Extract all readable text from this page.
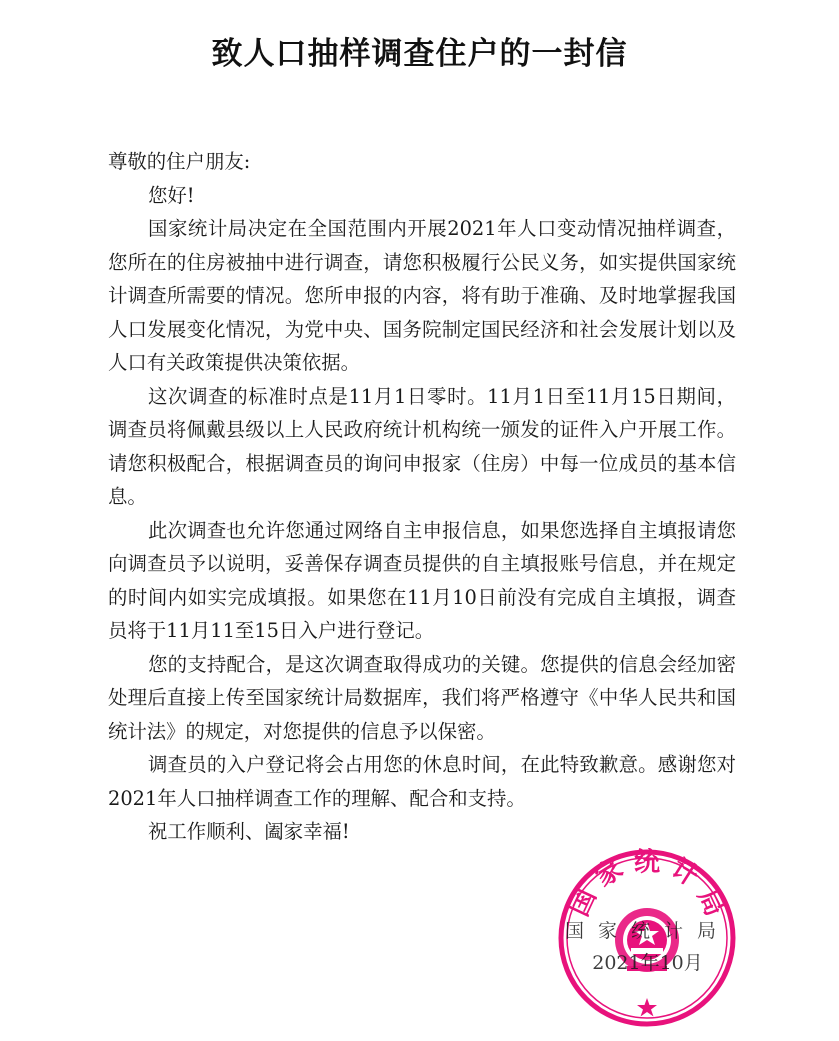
致人口抽样调查住户的一封信

尊敬的住户朋友:

您好!

国家统计局决定在全国范围内开展2021年人口变动情况抽样调查，您所在的住房被抽中进行调查，请您积极履行公民义务，如实提供国家统计调查所需要的情况。您所申报的内容，将有助于准确、及时地掌握我国人口发展变化情况，为党中央、国务院制定国民经济和社会发展计划以及人口有关政策提供决策依据。

这次调查的标准时点是11月1日零时。11月1日至11月15日期间，调查员将佩戴县级以上人民政府统计机构统一颁发的证件入户开展工作。请您积极配合，根据调查员的询问申报家（住房）中每一位成员的基本信息。

此次调查也允许您通过网络自主申报信息，如果您选择自主填报请您向调查员予以说明，妥善保存调查员提供的自主填报账号信息，并在规定的时间内如实完成填报。如果您在11月10日前没有完成自主填报，调查员将于11月11至15日入户进行登记。

您的支持配合，是这次调查取得成功的关键。您提供的信息会经加密处理后直接上传至国家统计局数据库，我们将严格遵守《中华人民共和国统计法》的规定，对您提供的信息予以保密。

调查员的入户登记将会占用您的休息时间，在此特致歉意。感谢您对2021年人口抽样调查工作的理解、配合和支持。

祝工作顺利、阖家幸福!

国 家 统 计 局
国家统计局
2021年10月
